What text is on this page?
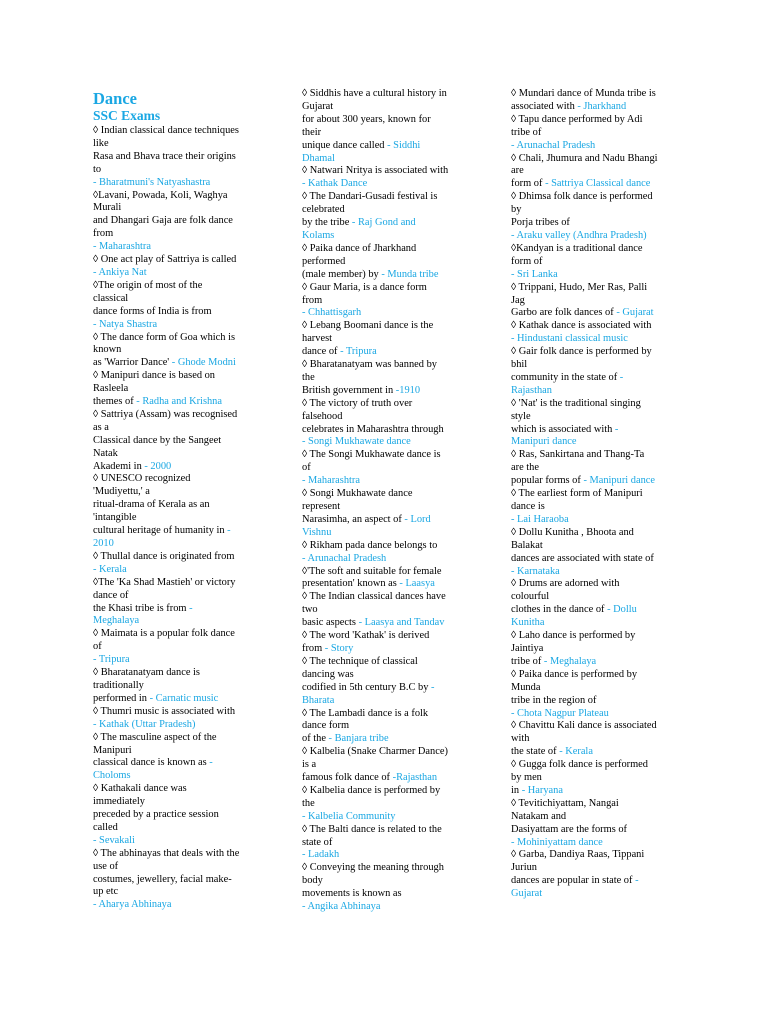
Dance
SSC Exams
◊ Indian classical dance techniques
like
Rasa and Bhava trace their origins
to
- Bharatmuni's Natyashastra
◊Lavani, Powada, Koli, Waghya
Murali
and Dhangari Gaja are folk dance
from
- Maharashtra
◊ One act play of Sattriya is called
- Ankiya Nat
◊The origin of most of the
classical
dance forms of India is from
- Natya Shastra
◊ The dance form of Goa which is
known
as 'Warrior Dance' - Ghode Modni
◊ Manipuri dance is based on
Rasleela
themes of - Radha and Krishna
◊ Sattriya (Assam) was recognised
as a
Classical dance by the Sangeet
Natak
Akademi in - 2000
◊ UNESCO recognized
'Mudiyettu,' a
ritual-drama of Kerala as an
'intangible
cultural heritage of humanity in -
2010
◊ Thullal dance is originated from
- Kerala
◊The 'Ka Shad Mastieh' or victory
dance of
the Khasi tribe is from -
Meghalaya
◊ Maimata is a popular folk dance
of
- Tripura
◊ Bharatanatyam dance is
traditionally
performed in - Carnatic music
◊ Thumri music is associated with
- Kathak (Uttar Pradesh)
◊ The masculine aspect of the
Manipuri
classical dance is known as -
Choloms
◊ Kathakali dance was
immediately
preceded by a practice session
called
- Sevakali
◊ The abhinayas that deals with the
use of
costumes, jewellery, facial make-
up etc
- Aharya Abhinaya
◊ Siddhis have a cultural history in
Gujarat
for about 300 years, known for
their
unique dance called - Siddhi
Dhamal
◊ Natwari Nritya is associated with
- Kathak Dance
◊ The Dandari-Gusadi festival is
celebrated
by the tribe - Raj Gond and
Kolams
◊ Paika dance of Jharkhand
performed
(male member) by - Munda tribe
◊ Gaur Maria, is a dance form
from
- Chhattisgarh
◊ Lebang Boomani dance is the
harvest
dance of - Tripura
◊ Bharatanatyam was banned by
the
British government in -1910
◊ The victory of truth over
falsehood
celebrates in Maharashtra through
- Songi Mukhawate dance
◊ The Songi Mukhawate dance is
of
- Maharashtra
◊ Songi Mukhawate dance
represent
Narasimha, an aspect of - Lord
Vishnu
◊ Rikham pada dance belongs to
- Arunachal Pradesh
◊'The soft and suitable for female
presentation' known as - Laasya
◊ The Indian classical dances have
two
basic aspects - Laasya and Tandav
◊ The word 'Kathak' is derived
from - Story
◊ The technique of classical
dancing was
codified in 5th century B.C by -
Bharata
◊ The Lambadi dance is a folk
dance form
of the - Banjara tribe
◊ Kalbelia (Snake Charmer Dance)
is a
famous folk dance of -Rajasthan
◊ Kalbelia dance is performed by
the
- Kalbelia Community
◊ The Balti dance is related to the
state of
- Ladakh
◊ Conveying the meaning through
body
movements is known as
- Angika Abhinaya
◊ Mundari dance of Munda tribe is
associated with - Jharkhand
◊ Tapu dance performed by Adi
tribe of
- Arunachal Pradesh
◊ Chali, Jhumura and Nadu Bhangi
are
form of - Sattriya Classical dance
◊ Dhimsa folk dance is performed
by
Porja tribes of
- Araku valley (Andhra Pradesh)
◊Kandyan is a traditional dance
form of
- Sri Lanka
◊ Trippani, Hudo, Mer Ras, Palli
Jag
Garbo are folk dances of - Gujarat
◊ Kathak dance is associated with
- Hindustani classical music
◊ Gair folk dance is performed by
bhil
community in the state of -
Rajasthan
◊ 'Nat' is the traditional singing
style
which is associated with -
Manipuri dance
◊ Ras, Sankirtana and Thang-Ta
are the
popular forms of - Manipuri dance
◊ The earliest form of Manipuri
dance is
- Lai Haraoba
◊ Dollu Kunitha , Bhoota and
Balakat
dances are associated with state of
- Karnataka
◊ Drums are adorned with
colourful
clothes in the dance of - Dollu
Kunitha
◊ Laho dance is performed by
Jaintiya
tribe of - Meghalaya
◊ Paika dance is performed by
Munda
tribe in the region of
- Chota Nagpur Plateau
◊ Chavittu Kali dance is associated
with
the state of - Kerala
◊ Gugga folk dance is performed
by men
in - Haryana
◊ Tevitichiyattam, Nangai
Natakam and
Dasiyattam are the forms of
- Mohiniyattam dance
◊ Garba, Dandiya Raas, Tippani
Juriun
dances are popular in state of -
Gujarat
